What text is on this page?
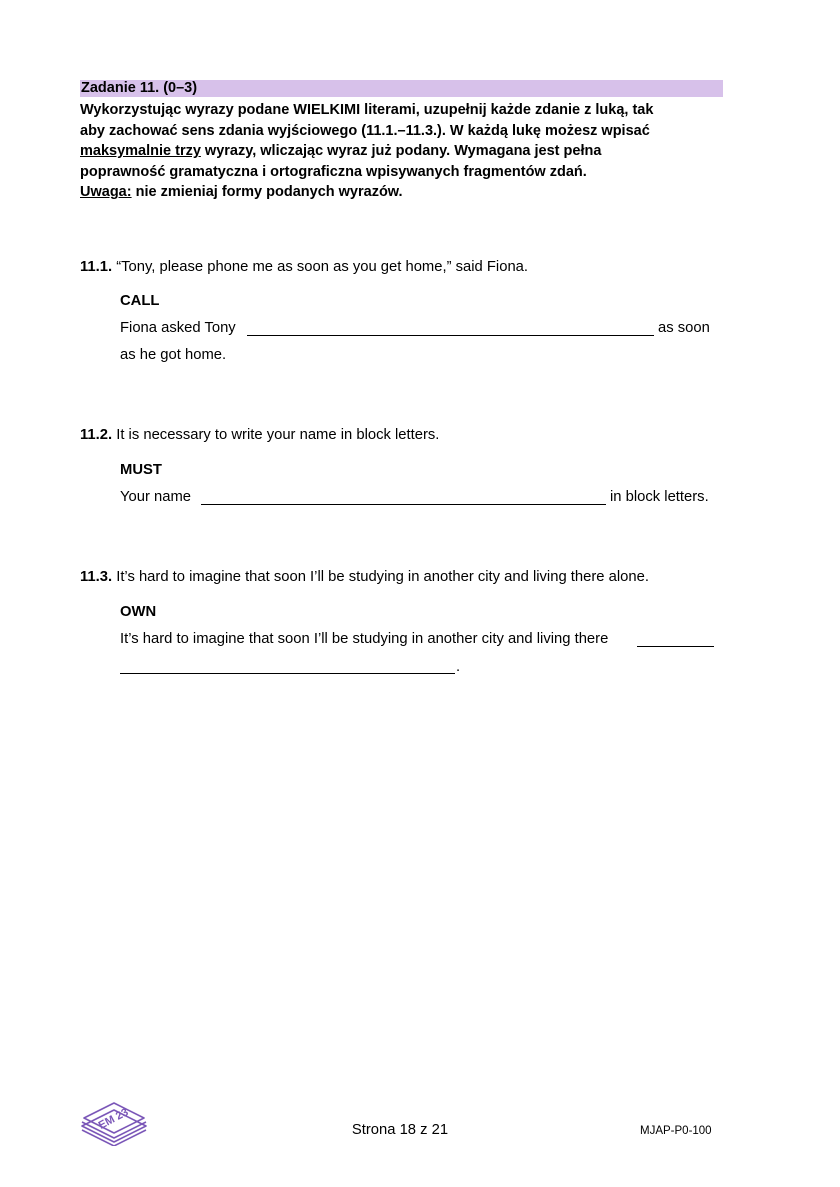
Zadanie 11. (0–3)
Wykorzystując wyrazy podane WIELKIMI literami, uzupełnij każde zdanie z luką, tak
aby zachować sens zdania wyjściowego (11.1.–11.3.). W każdą lukę możesz wpisać
maksymalnie trzy wyrazy, wliczając wyraz już podany. Wymagana jest pełna
poprawność gramatyczna i ortograficzna wpisywanych fragmentów zdań.
Uwaga: nie zmieniaj formy podanych wyrazów.
11.1. “Tony, please phone me as soon as you get home,” said Fiona.
CALL
Fiona asked Tony	as soon
as he got home.
11.2. It is necessary to write your name in block letters.
MUST
Your name	in block letters.
11.3. It’s hard to imagine that soon I’ll be studying in another city and living there alone.
OWN
It’s hard to imagine that soon I’ll be studying in another city and living there
.
EM 23	Strona 18 z 21	MJAP-P0-100
